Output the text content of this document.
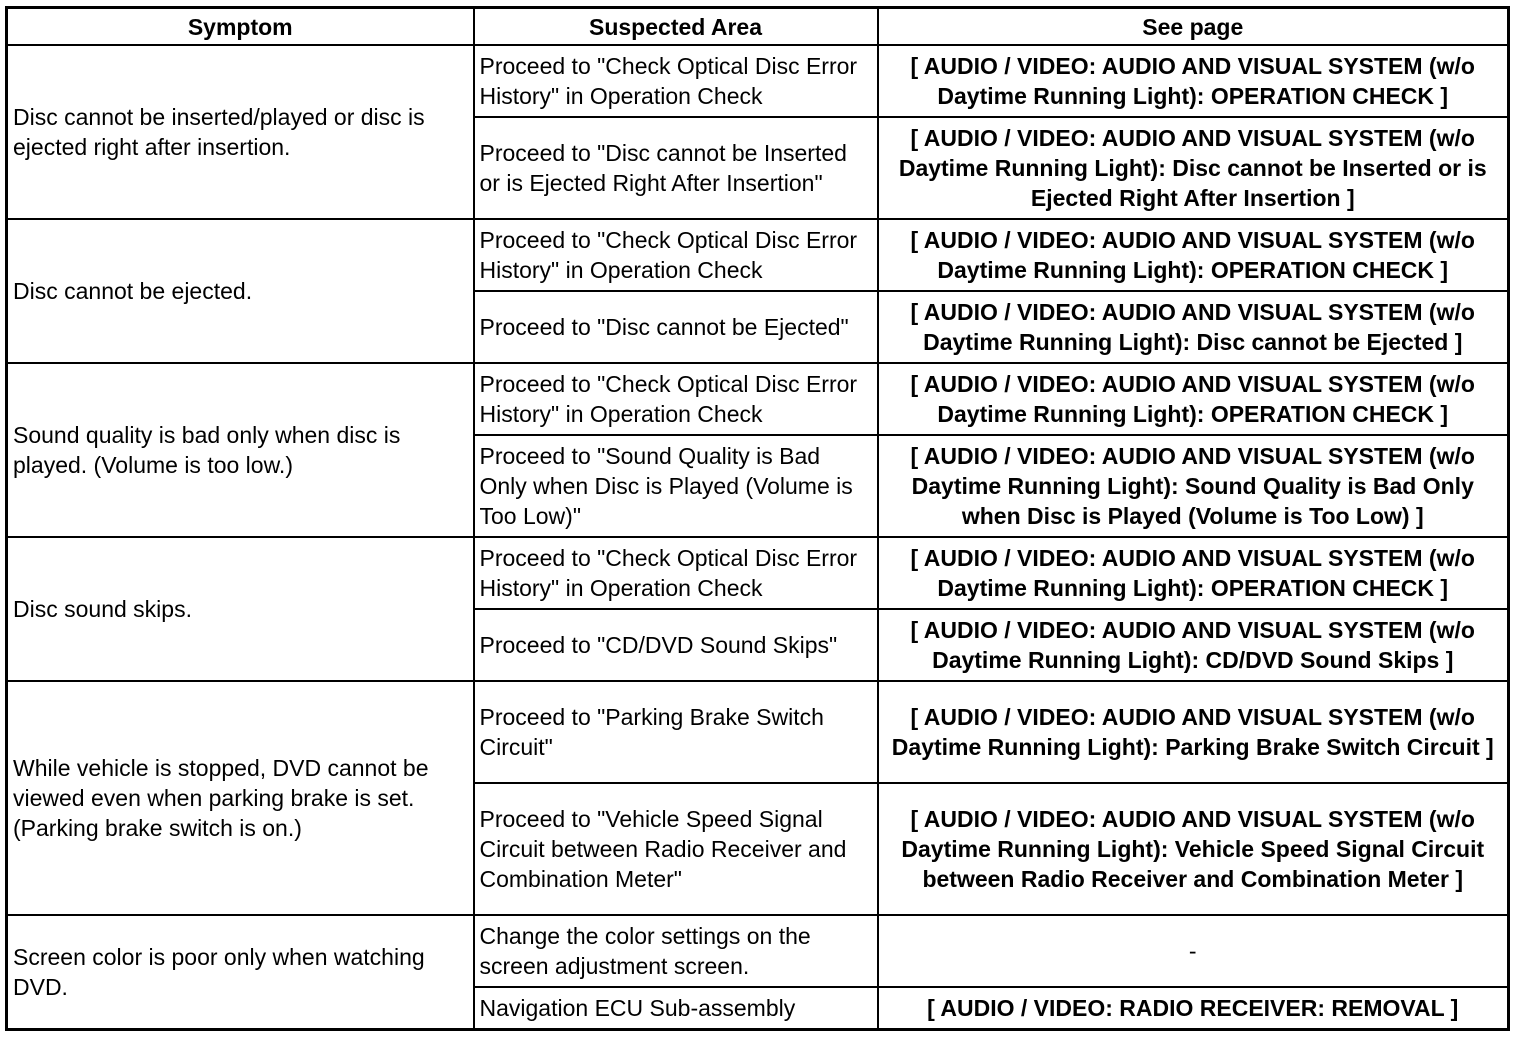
Symptom	Suspected Area	See page
Disc cannot be inserted/played or disc is ejected right after insertion.	Proceed to "Check Optical Disc Error History" in Operation Check	[ AUDIO / VIDEO: AUDIO AND VISUAL SYSTEM (w/o Daytime Running Light): OPERATION CHECK ]
	Proceed to "Disc cannot be Inserted or is Ejected Right After Insertion"	[ AUDIO / VIDEO: AUDIO AND VISUAL SYSTEM (w/o Daytime Running Light): Disc cannot be Inserted or is Ejected Right After Insertion ]
Disc cannot be ejected.	Proceed to "Check Optical Disc Error History" in Operation Check	[ AUDIO / VIDEO: AUDIO AND VISUAL SYSTEM (w/o Daytime Running Light): OPERATION CHECK ]
	Proceed to "Disc cannot be Ejected"	[ AUDIO / VIDEO: AUDIO AND VISUAL SYSTEM (w/o Daytime Running Light): Disc cannot be Ejected ]
Sound quality is bad only when disc is played. (Volume is too low.)	Proceed to "Check Optical Disc Error History" in Operation Check	[ AUDIO / VIDEO: AUDIO AND VISUAL SYSTEM (w/o Daytime Running Light): OPERATION CHECK ]
	Proceed to "Sound Quality is Bad Only when Disc is Played (Volume is Too Low)"	[ AUDIO / VIDEO: AUDIO AND VISUAL SYSTEM (w/o Daytime Running Light): Sound Quality is Bad Only when Disc is Played (Volume is Too Low) ]
Disc sound skips.	Proceed to "Check Optical Disc Error History" in Operation Check	[ AUDIO / VIDEO: AUDIO AND VISUAL SYSTEM (w/o Daytime Running Light): OPERATION CHECK ]
	Proceed to "CD/DVD Sound Skips"	[ AUDIO / VIDEO: AUDIO AND VISUAL SYSTEM (w/o Daytime Running Light): CD/DVD Sound Skips ]
While vehicle is stopped, DVD cannot be viewed even when parking brake is set. (Parking brake switch is on.)	Proceed to "Parking Brake Switch Circuit"	[ AUDIO / VIDEO: AUDIO AND VISUAL SYSTEM (w/o Daytime Running Light): Parking Brake Switch Circuit ]
	Proceed to "Vehicle Speed Signal Circuit between Radio Receiver and Combination Meter"	[ AUDIO / VIDEO: AUDIO AND VISUAL SYSTEM (w/o Daytime Running Light): Vehicle Speed Signal Circuit between Radio Receiver and Combination Meter ]
Screen color is poor only when watching DVD.	Change the color settings on the screen adjustment screen.	-
	Navigation ECU Sub-assembly	[ AUDIO / VIDEO: RADIO RECEIVER: REMOVAL ]
